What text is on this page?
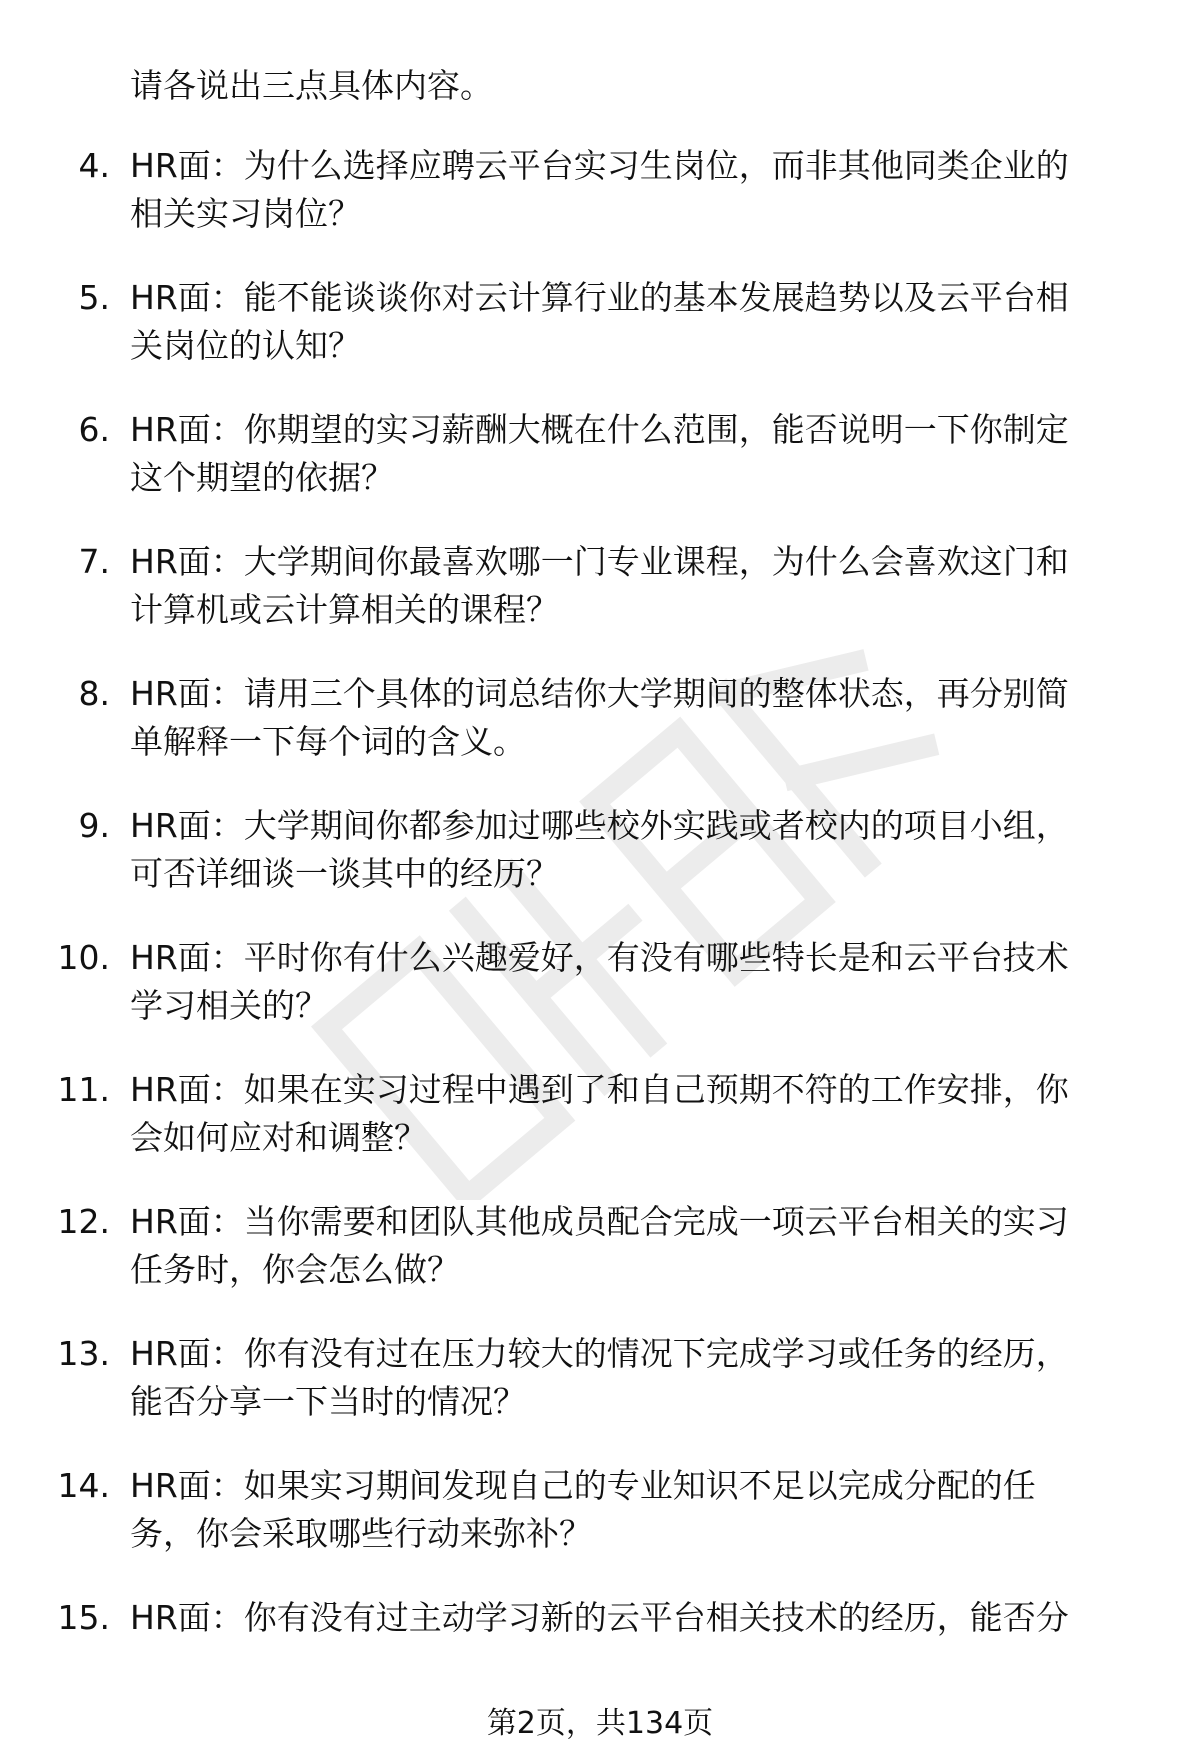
请各说出三点具体内容。

4. HR面：为什么选择应聘云平台实习生岗位，而非其他同类企业的
相关实习岗位？
5. HR面：能不能谈谈你对云计算行业的基本发展趋势以及云平台相
关岗位的认知？
6. HR面：你期望的实习薪酬大概在什么范围，能否说明一下你制定
这个期望的依据？
7. HR面：大学期间你最喜欢哪一门专业课程，为什么会喜欢这门和
计算机或云计算相关的课程？
8. HR面：请用三个具体的词总结你大学期间的整体状态，再分别简
单解释一下每个词的含义。
9. HR面：大学期间你都参加过哪些校外实践或者校内的项目小组，
可否详细谈一谈其中的经历？
10. HR面：平时你有什么兴趣爱好，有没有哪些特长是和云平台技术
学习相关的？
11. HR面：如果在实习过程中遇到了和自己预期不符的工作安排，你
会如何应对和调整？
12. HR面：当你需要和团队其他成员配合完成一项云平台相关的实习
任务时，你会怎么做？
13. HR面：你有没有过在压力较大的情况下完成学习或任务的经历，
能否分享一下当时的情况？
14. HR面：如果实习期间发现自己的专业知识不足以完成分配的任
务，你会采取哪些行动来弥补？
15. HR面：你有没有过主动学习新的云平台相关技术的经历，能否分
第2页，共134页
